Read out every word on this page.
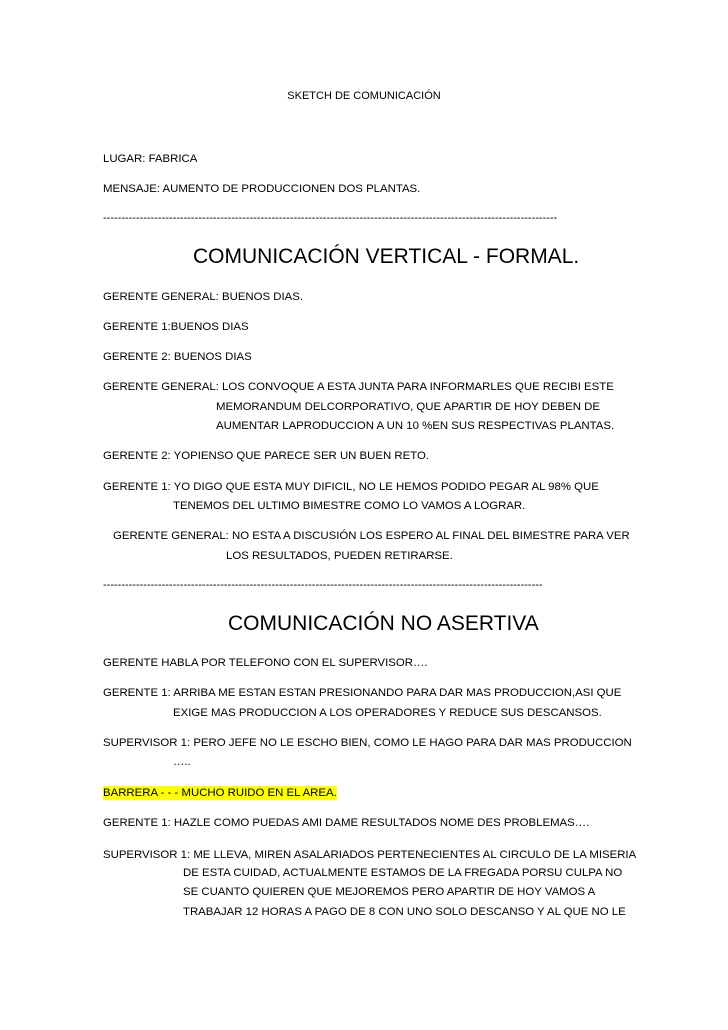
SKETCH DE COMUNICACIÓN
LUGAR: FABRICA
MENSAJE: AUMENTO DE PRODUCCIONEN DOS PLANTAS.
----------------------------------------------------------------------------------------------------------------------------
COMUNICACIÓN VERTICAL - FORMAL.
GERENTE GENERAL: BUENOS DIAS.
GERENTE 1:BUENOS DIAS
GERENTE 2: BUENOS DIAS
GERENTE GENERAL: LOS CONVOQUE A ESTA JUNTA PARA INFORMARLES QUE RECIBI ESTE
MEMORANDUM DELCORPORATIVO, QUE APARTIR DE HOY DEBEN DE
AUMENTAR LAPRODUCCION A UN 10 %EN SUS RESPECTIVAS PLANTAS.
GERENTE 2: YOPIENSO QUE PARECE SER UN BUEN RETO.
GERENTE 1: YO DIGO QUE ESTA MUY DIFICIL, NO LE HEMOS PODIDO PEGAR AL 98% QUE
TENEMOS DEL ULTIMO BIMESTRE COMO LO VAMOS A LOGRAR.
GERENTE GENERAL: NO ESTA A DISCUSIÓN LOS ESPERO AL FINAL DEL BIMESTRE PARA VER
LOS RESULTADOS, PUEDEN RETIRARSE.
------------------------------------------------------------------------------------------------------------------------
COMUNICACIÓN NO ASERTIVA
GERENTE HABLA POR TELEFONO CON EL SUPERVISOR….
GERENTE 1: ARRIBA ME ESTAN ESTAN PRESIONANDO PARA DAR MAS PRODUCCION,ASI QUE
EXIGE MAS PRODUCCION A LOS OPERADORES Y REDUCE SUS DESCANSOS.
SUPERVISOR 1: PERO JEFE NO LE ESCHO BIEN, COMO LE HAGO PARA DAR MAS PRODUCCION
…..
BARRERA - - - MUCHO RUIDO EN EL AREA.
GERENTE 1: HAZLE COMO PUEDAS AMI DAME RESULTADOS NOME DES PROBLEMAS….
SUPERVISOR 1: ME LLEVA, MIREN ASALARIADOS PERTENECIENTES AL CIRCULO DE LA MISERIA
DE ESTA CUIDAD, ACTUALMENTE ESTAMOS DE LA FREGADA PORSU CULPA NO
SE CUANTO QUIEREN QUE MEJOREMOS PERO APARTIR DE HOY VAMOS A
TRABAJAR 12 HORAS A PAGO DE 8 CON UNO SOLO DESCANSO Y AL QUE NO LE
